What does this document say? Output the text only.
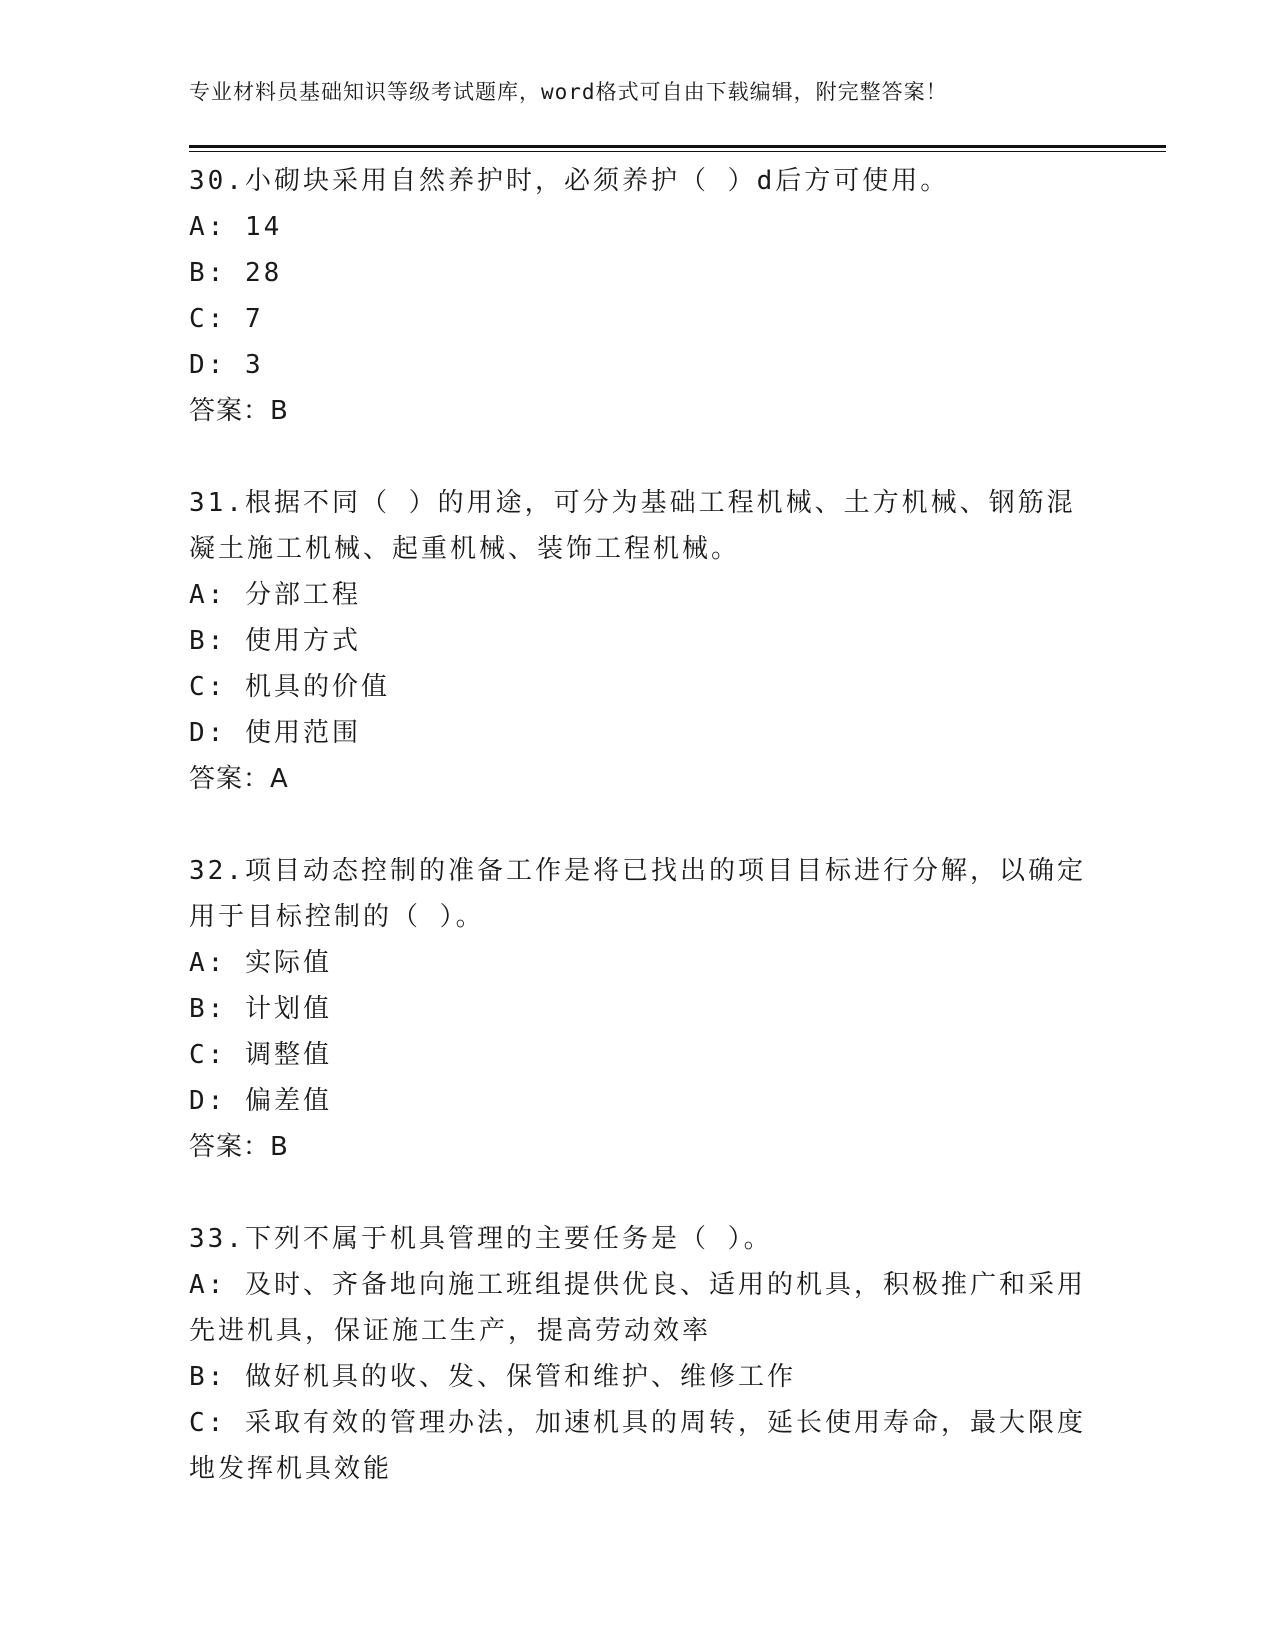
专业材料员基础知识等级考试题库，word格式可自由下载编辑，附完整答案！
30.小砌块采用自然养护时，必须养护（ ）d后方可使用。
A: 14
B: 28
C: 7
D: 3
答案：B
31.根据不同（ ）的用途，可分为基础工程机械、土方机械、钢筋混
凝土施工机械、起重机械、装饰工程机械。
A: 分部工程
B: 使用方式
C: 机具的价值
D: 使用范围
答案：A
32.项目动态控制的准备工作是将已找出的项目目标进行分解，以确定
用于目标控制的（ ）。
A: 实际值
B: 计划值
C: 调整值
D: 偏差值
答案：B
33.下列不属于机具管理的主要任务是（ ）。
A: 及时、齐备地向施工班组提供优良、适用的机具，积极推广和采用
先进机具，保证施工生产，提高劳动效率
B: 做好机具的收、发、保管和维护、维修工作
C: 采取有效的管理办法，加速机具的周转，延长使用寿命，最大限度
地发挥机具效能
